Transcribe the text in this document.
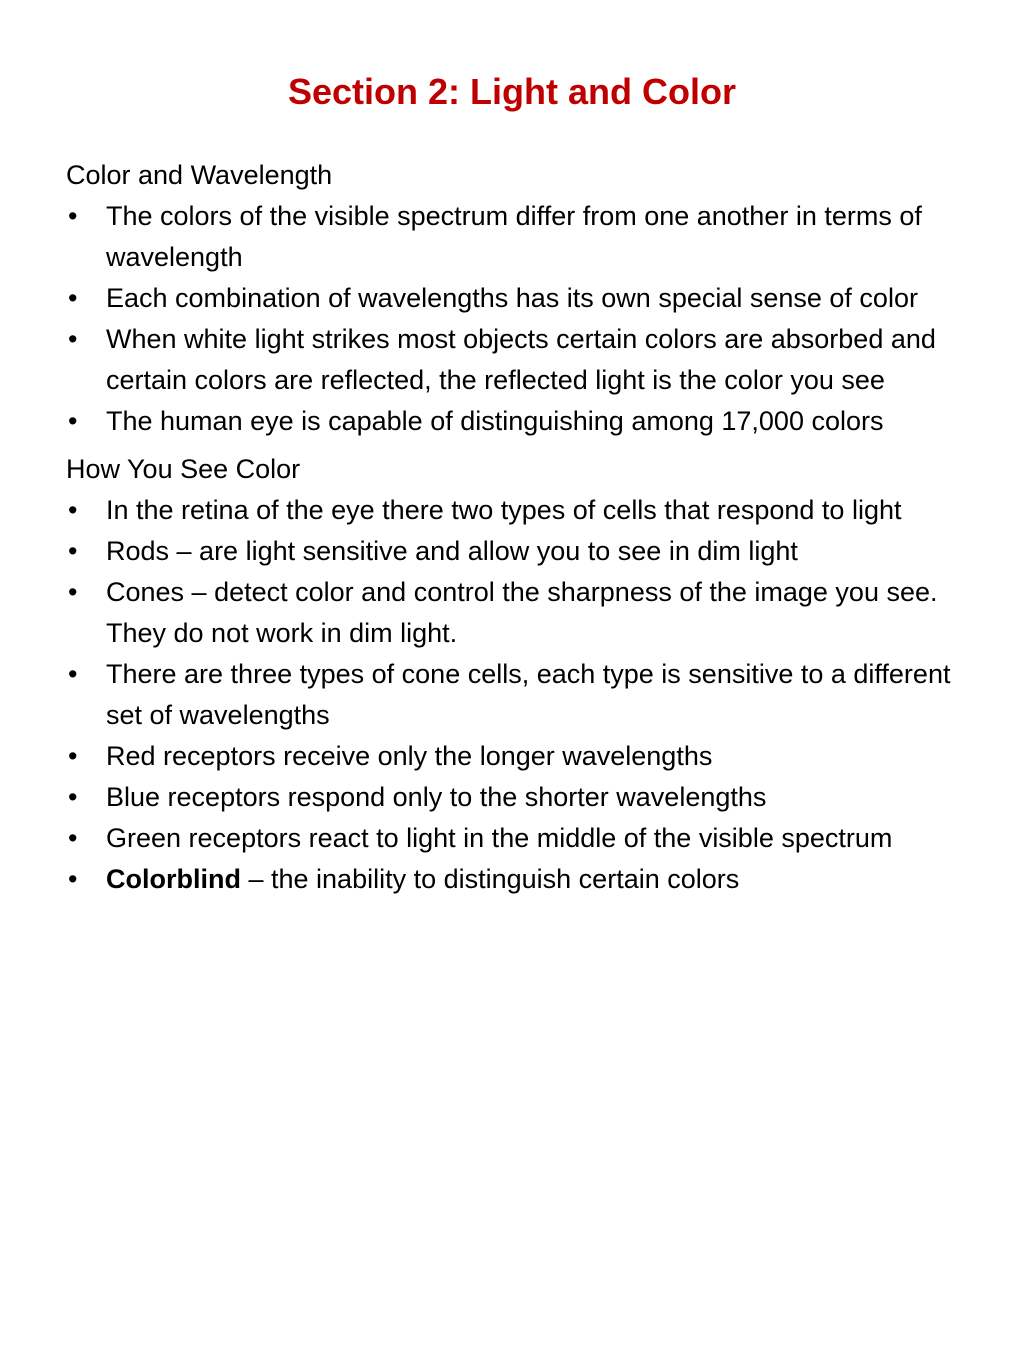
Section 2: Light and Color

Color and Wavelength

•	The colors of the visible spectrum differ from one another in terms of wavelength
•	Each combination of wavelengths has its own special sense of color
•	When white light strikes most objects certain colors are absorbed and certain colors are reflected, the reflected light is the color you see
•	The human eye is capable of distinguishing among 17,000 colors

How You See Color

•	In the retina of the eye there two types of cells that respond to light
•	Rods – are light sensitive and allow you to see in dim light
•	Cones – detect color and control the sharpness of the image you see. They do not work in dim light.
•	There are three types of cone cells, each type is sensitive to a different set of wavelengths
•	Red receptors receive only the longer wavelengths
•	Blue receptors respond only to the shorter wavelengths
•	Green receptors react to light in the middle of the visible spectrum
•	Colorblind – the inability to distinguish certain colors
